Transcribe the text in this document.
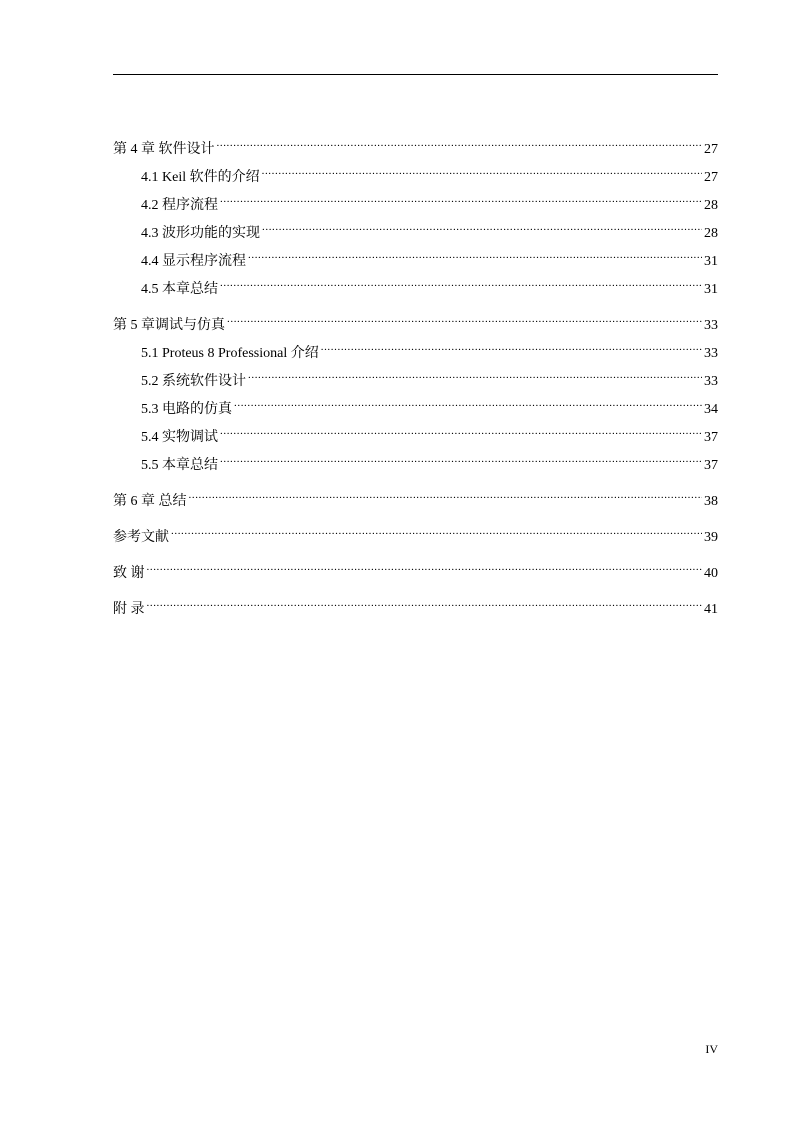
第 4 章 软件设计 .....	27
4.1 Keil 软件的介绍 .....	27
4.2 程序流程 .....	28
4.3 波形功能的实现 .....	28
4.4 显示程序流程 .....	31
4.5 本章总结 .....	31
第 5 章调试与仿真 .....	33
5.1 Proteus 8 Professional 介绍 .....	33
5.2 系统软件设计 .....	33
5.3 电路的仿真 .....	34
5.4 实物调试 .....	37
5.5 本章总结 .....	37
第 6 章 总结 .....	38
参考文献 .....	39
致 谢 .....	40
附 录 .....	41
IV
